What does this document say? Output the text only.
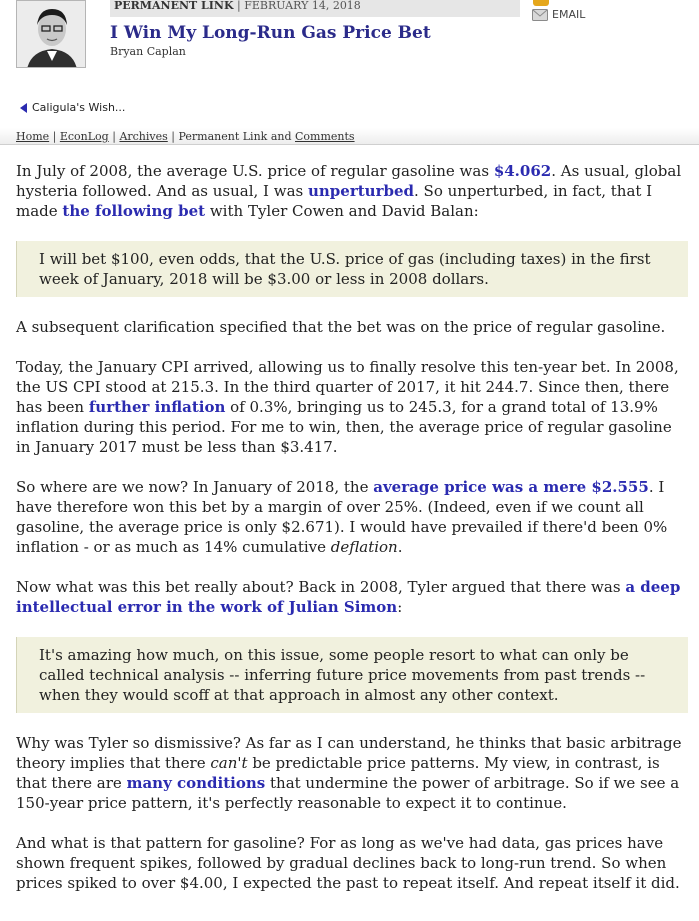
PERMANENT LINK | FEBRUARY 14, 2018
I Win My Long-Run Gas Price Bet
Bryan Caplan
EMAIL
Caligula's Wish...
Home | EconLog | Archives | Permanent Link and Comments

In July of 2008, the average U.S. price of regular gasoline was $4.062. As usual, global hysteria followed. And as usual, I was unperturbed. So unperturbed, in fact, that I made the following bet with Tyler Cowen and David Balan:

I will bet $100, even odds, that the U.S. price of gas (including taxes) in the first week of January, 2018 will be $3.00 or less in 2008 dollars.

A subsequent clarification specified that the bet was on the price of regular gasoline.

Today, the January CPI arrived, allowing us to finally resolve this ten-year bet. In 2008, the US CPI stood at 215.3. In the third quarter of 2017, it hit 244.7. Since then, there has been further inflation of 0.3%, bringing us to 245.3, for a grand total of 13.9% inflation during this period. For me to win, then, the average price of regular gasoline in January 2017 must be less than $3.417.

So where are we now? In January of 2018, the average price was a mere $2.555. I have therefore won this bet by a margin of over 25%. (Indeed, even if we count all gasoline, the average price is only $2.671). I would have prevailed if there'd been 0% inflation - or as much as 14% cumulative deflation.

Now what was this bet really about? Back in 2008, Tyler argued that there was a deep intellectual error in the work of Julian Simon:

It's amazing how much, on this issue, some people resort to what can only be called technical analysis -- inferring future price movements from past trends -- when they would scoff at that approach in almost any other context.

Why was Tyler so dismissive? As far as I can understand, he thinks that basic arbitrage theory implies that there can't be predictable price patterns. My view, in contrast, is that there are many conditions that undermine the power of arbitrage. So if we see a 150-year price pattern, it's perfectly reasonable to expect it to continue.

And what is that pattern for gasoline? For as long as we've had data, gas prices have shown frequent spikes, followed by gradual declines back to long-run trend. So when prices spiked to over $4.00, I expected the past to repeat itself. And repeat itself it did.
